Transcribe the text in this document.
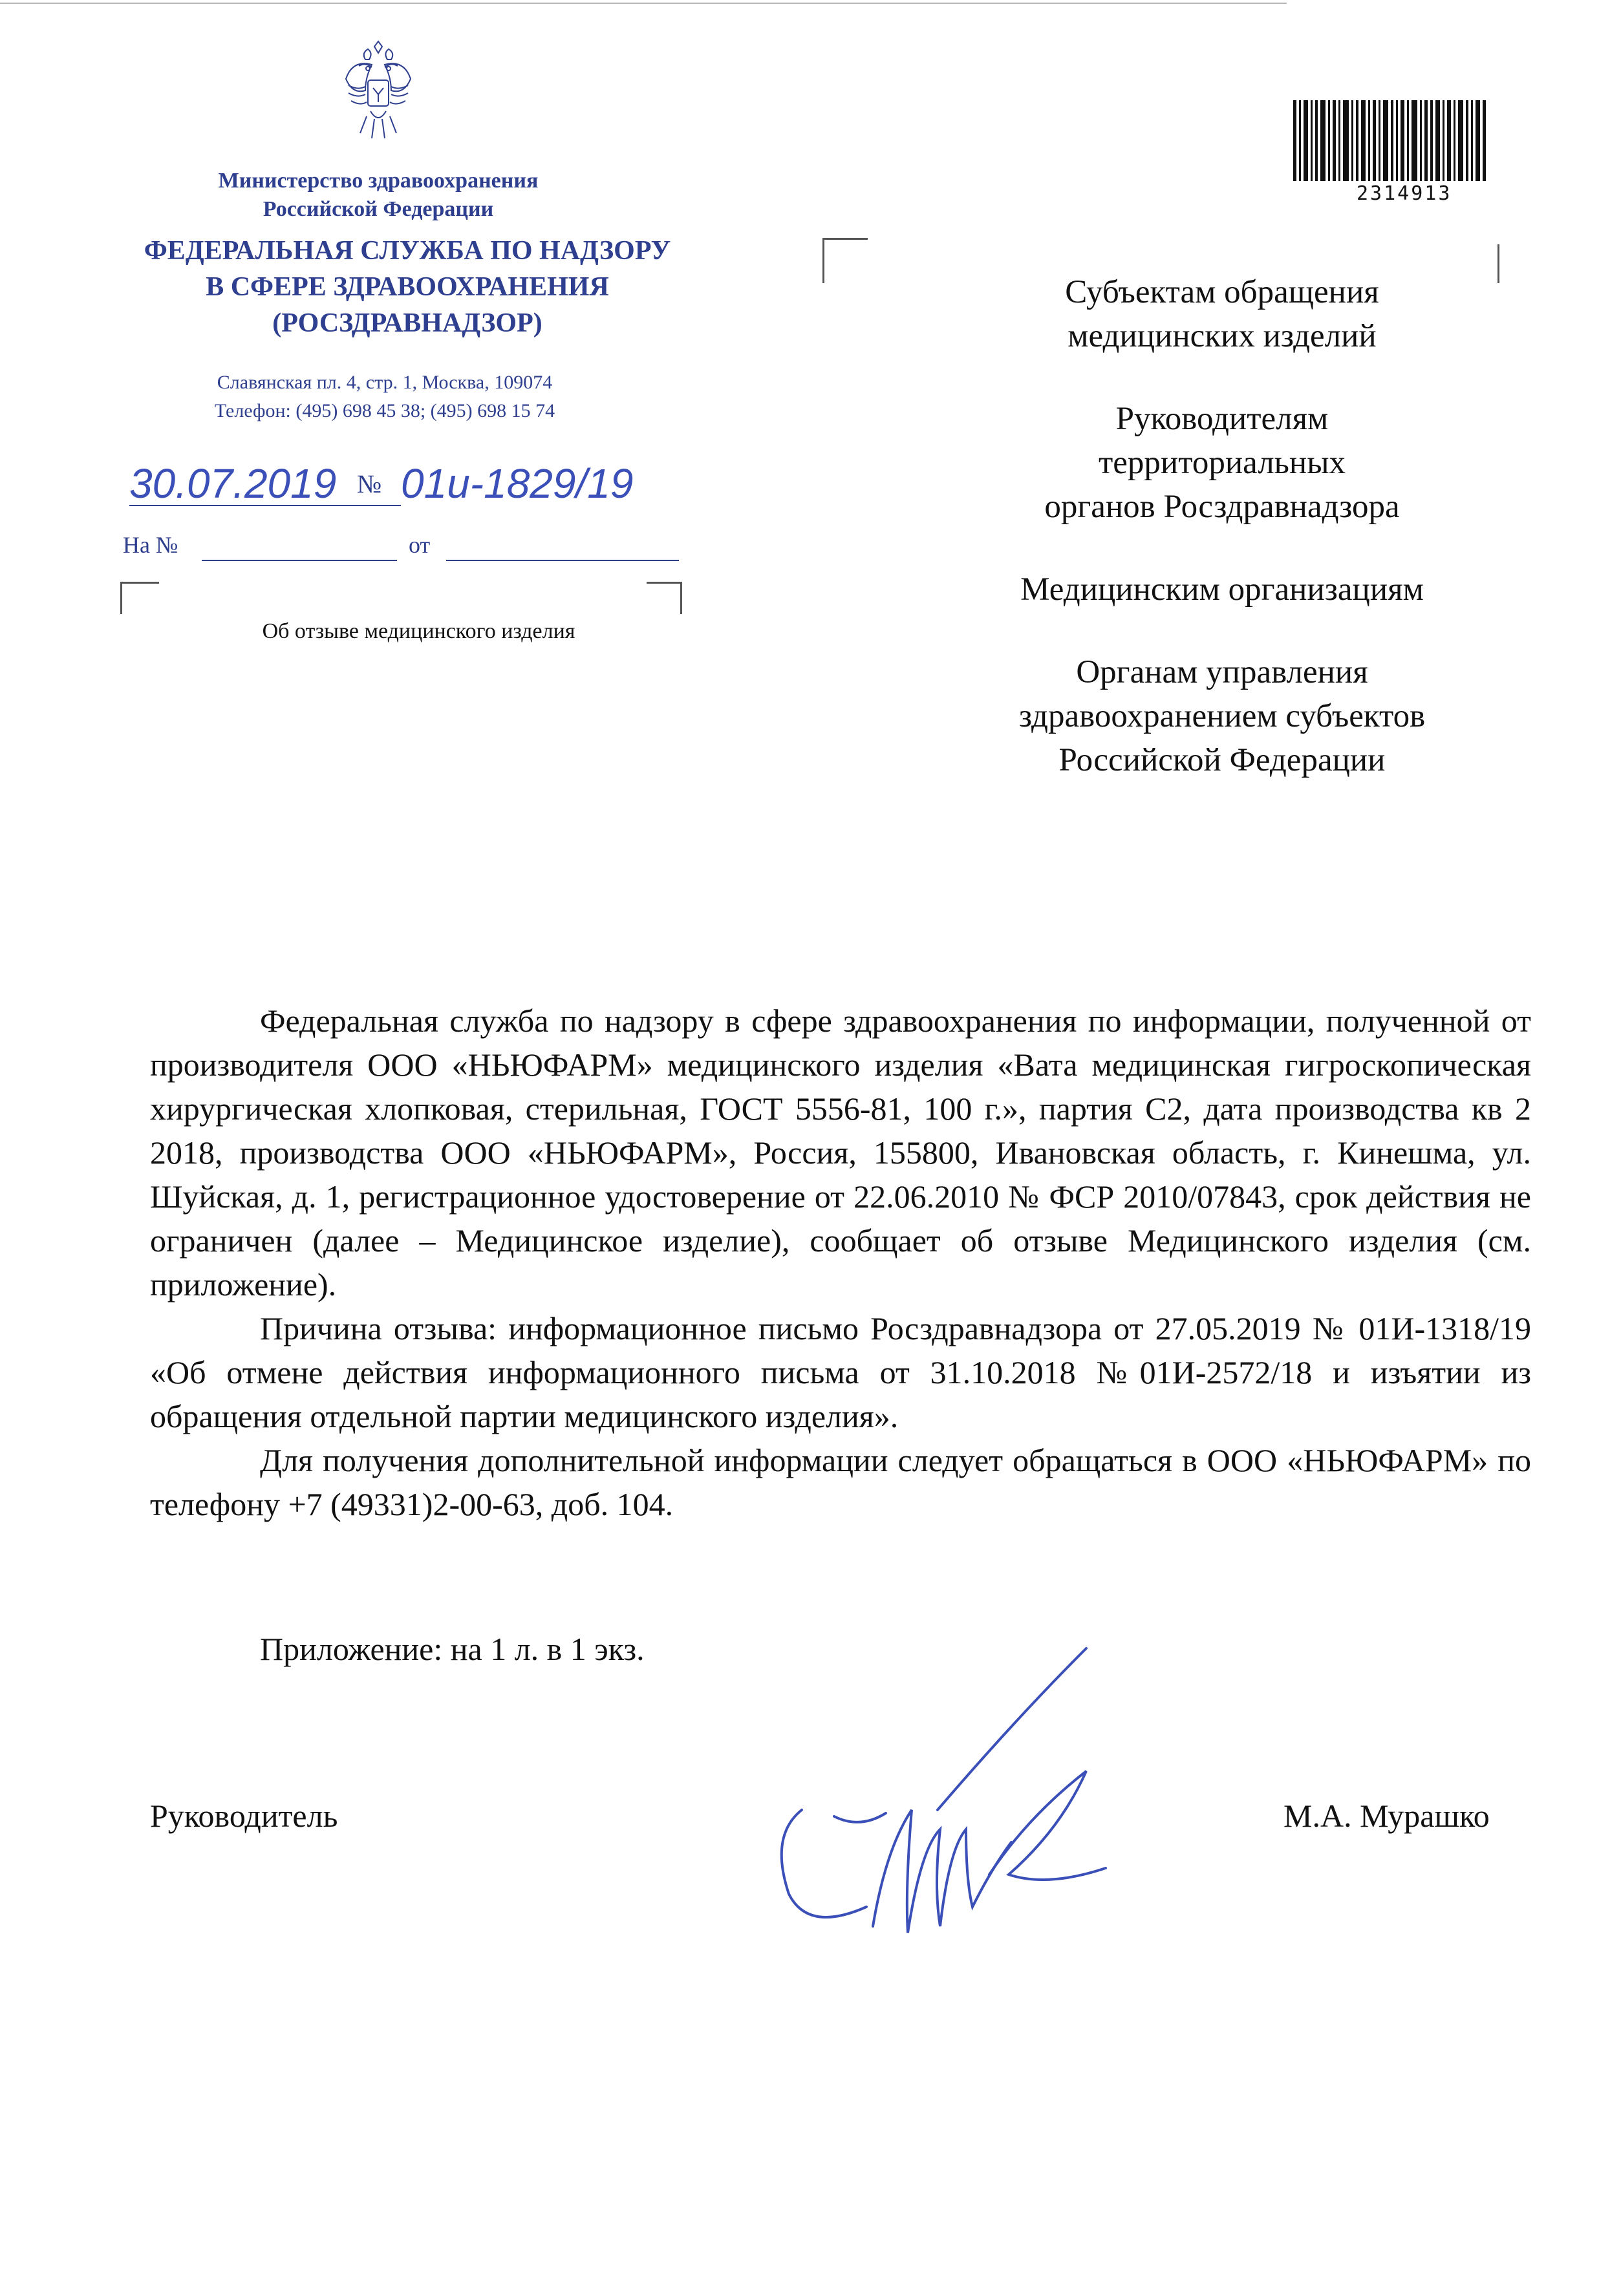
Министерство здравоохранения
Российской Федерации
ФЕДЕРАЛЬНАЯ СЛУЖБА ПО НАДЗОРУ
В СФЕРЕ ЗДРАВООХРАНЕНИЯ
(РОСЗДРАВНАДЗОР)
Славянская пл. 4, стр. 1, Москва, 109074
Телефон: (495) 698 45 38; (495) 698 15 74
30.07.2019 № 01и-1829/19
На №	от
Об отзыве медицинского изделия
2314913
Субъектам обращения
медицинских изделий
Руководителям
территориальных
органов Росздравнадзора
Медицинским организациям
Органам управления
здравоохранением субъектов
Российской Федерации

Федеральная служба по надзору в сфере здравоохранения по информации, полученной от производителя ООО «НЬЮФАРМ» медицинского изделия «Вата медицинская гигроскопическая хирургическая хлопковая, стерильная, ГОСТ 5556-81, 100 г.», партия С2, дата производства кв 2 2018, производства ООО «НЬЮФАРМ», Россия, 155800, Ивановская область, г. Кинешма, ул. Шуйская, д. 1, регистрационное удостоверение от 22.06.2010 № ФСР 2010/07843, срок действия не ограничен (далее – Медицинское изделие), сообщает об отзыве Медицинского изделия (см. приложение).

Причина отзыва: информационное письмо Росздравнадзора от 27.05.2019 № 01И-1318/19 «Об отмене действия информационного письма от 31.10.2018 №01И-2572/18 и изъятии из обращения отдельной партии медицинского изделия».

Для получения дополнительной информации следует обращаться в ООО «НЬЮФАРМ» по телефону +7 (49331)2-00-63, доб. 104.

Приложение: на 1 л. в 1 экз.
Руководитель	М.А. Мурашко
